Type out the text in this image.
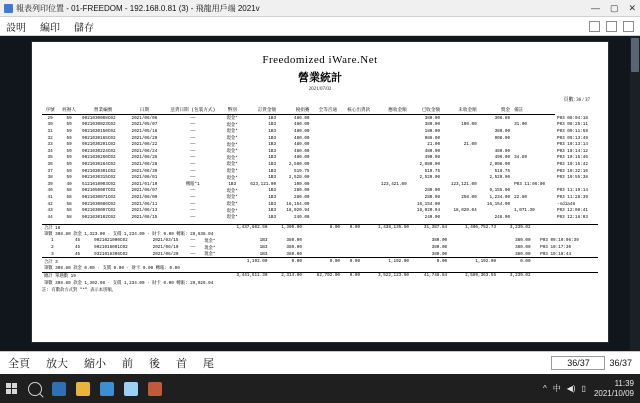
報表列印位置 - 01-FREEDOM - 192.168.0.81 (3) - 飛龍用戶端 2021v	— ▢ ✕
設明 編印 儲存
Freedomized iWare.Net
營業統計
2021/07/02
頁數: 36 / 37
序號	經辦人	營業編號	日期	送貨日期 (包裝方式)	幣別	訂貨金額	稅捐賽	全等否通	核心出貨款	應收金額	已收金額	未收金額	獎金	備註	
29	59	9021030008C02	2021/06/06	──	現金*	1B3	480.00				380.00		308.80		P03 08:04:18
30	59	9021030023C02	2021/05/07	──	現金*	1B3	480.00				380.00	100.00		31.00	P03 08:25:11
31	59	9021030150C02	2021/05/18	──	現金*	1B3	480.00				180.00		380.00		P03 09:11:59
32	59	9021030165C02	2021/06/20	──	現金*	1B3	480.00				986.00		908.00		P03 09:13:49
33	59	9021030201C02	2021/06/22	──	現金*	1B3	480.00				21.00	21.00			P03 10:13:14
34	59	9021030224C02	2021/06/24	──	現金*	1B3	480.00				480.00		480.00		P03 10:14:12
35	59	9021030260C02	2021/06/26	──	現金*	1B3	480.00				490.00		496.00	34.89	P03 10:15:46
36	59	9021030284C02	2021/06/28	──	現金*	1B3	2,580.00				2,080.00		2,008.00		P03 10:15:42
37	59	9021030301C02	2021/06/30	──	現金*	1B3	519.75				519.75		519.75		P03 10:32:10
38	59	9021030315C02	2021/06/01	──	現金*	1B3	2,520.00				2,520.00		2,520.00		P03 10:55:38
39	40	5121010003C02	2021/01/10	轉賬*1	1B3	623,121.00	100.00			123,421.00		123,121.00		P03 11:06:00	
40	58	9021050007C02	2021/06/07	──	現金*	1B3	280.00				280.00		9,155.00		P03 11:19:14
41	58	9021030071C02	2021/06/09	──	現金*	1B3	280.00				280.00	258.00	1,234.00	22.80	P03 11:28:39
42	58	9021030086C02	2021/06/11	──	現金*	1B3	16,154.00				16,154.00		16,154.00		-sd1a48
43	58	9021030097C02	2021/06/13	──	現金*	1B3	18,020.94				18,020.94	18,020.04		1,071.30	P03 12:08:41
44	58	9021030102C02	2021/06/15	──	現金*	1B3	240.00				240.00		248.00		P03 12:16:03
合計 16						1,437,602.50	1,300.00	8.00	0.00	1,438,135.50	31,387.84	1,406,752.73	3,239.02		
筆數 308.80 款金 1,323.00 · 支價 1,234.00 · 財卡 0.00 轉賬: 28,638.04															
1	45	9021021000C02	2021/03/15	──	現金*	1B3	380.00				380.00		380.00		P03 09:10:06:39
2	45	9021016001C02	2021/06/10	──	現金*	1B3	380.00				380.00		380.00		P03 10:17:30
3	45	9321016306C02	2021/06/20	──	現金*	1B3	380.00				380.00		380.00		P03 10:18:44
合計 3						1,192.00	0.00	0.00	0.00	1,192.00	0.00	1,192.00	0.00		
筆數 308.80 款金 0.00 · 支價 0.00 · 財卡 0.00 轉賬: 0.00															
總計 單趟數 19						3,441,611.30	2,314.00	82,702.00	0.00	3,522,123.50	41,748.84	2,589,363.55	3,239.02		
筆數 308.80 款金 1,302.08 · 支價 1,234.00 · 財卡 0.00 轉賬: 29,026.04															
註: 有數款方式對 "*" 表示本別額。
全頁 放大 縮小 前 後 首 尾	36/37	36/37
^ 中 ◀) ▯
11:39
2021/10/09
